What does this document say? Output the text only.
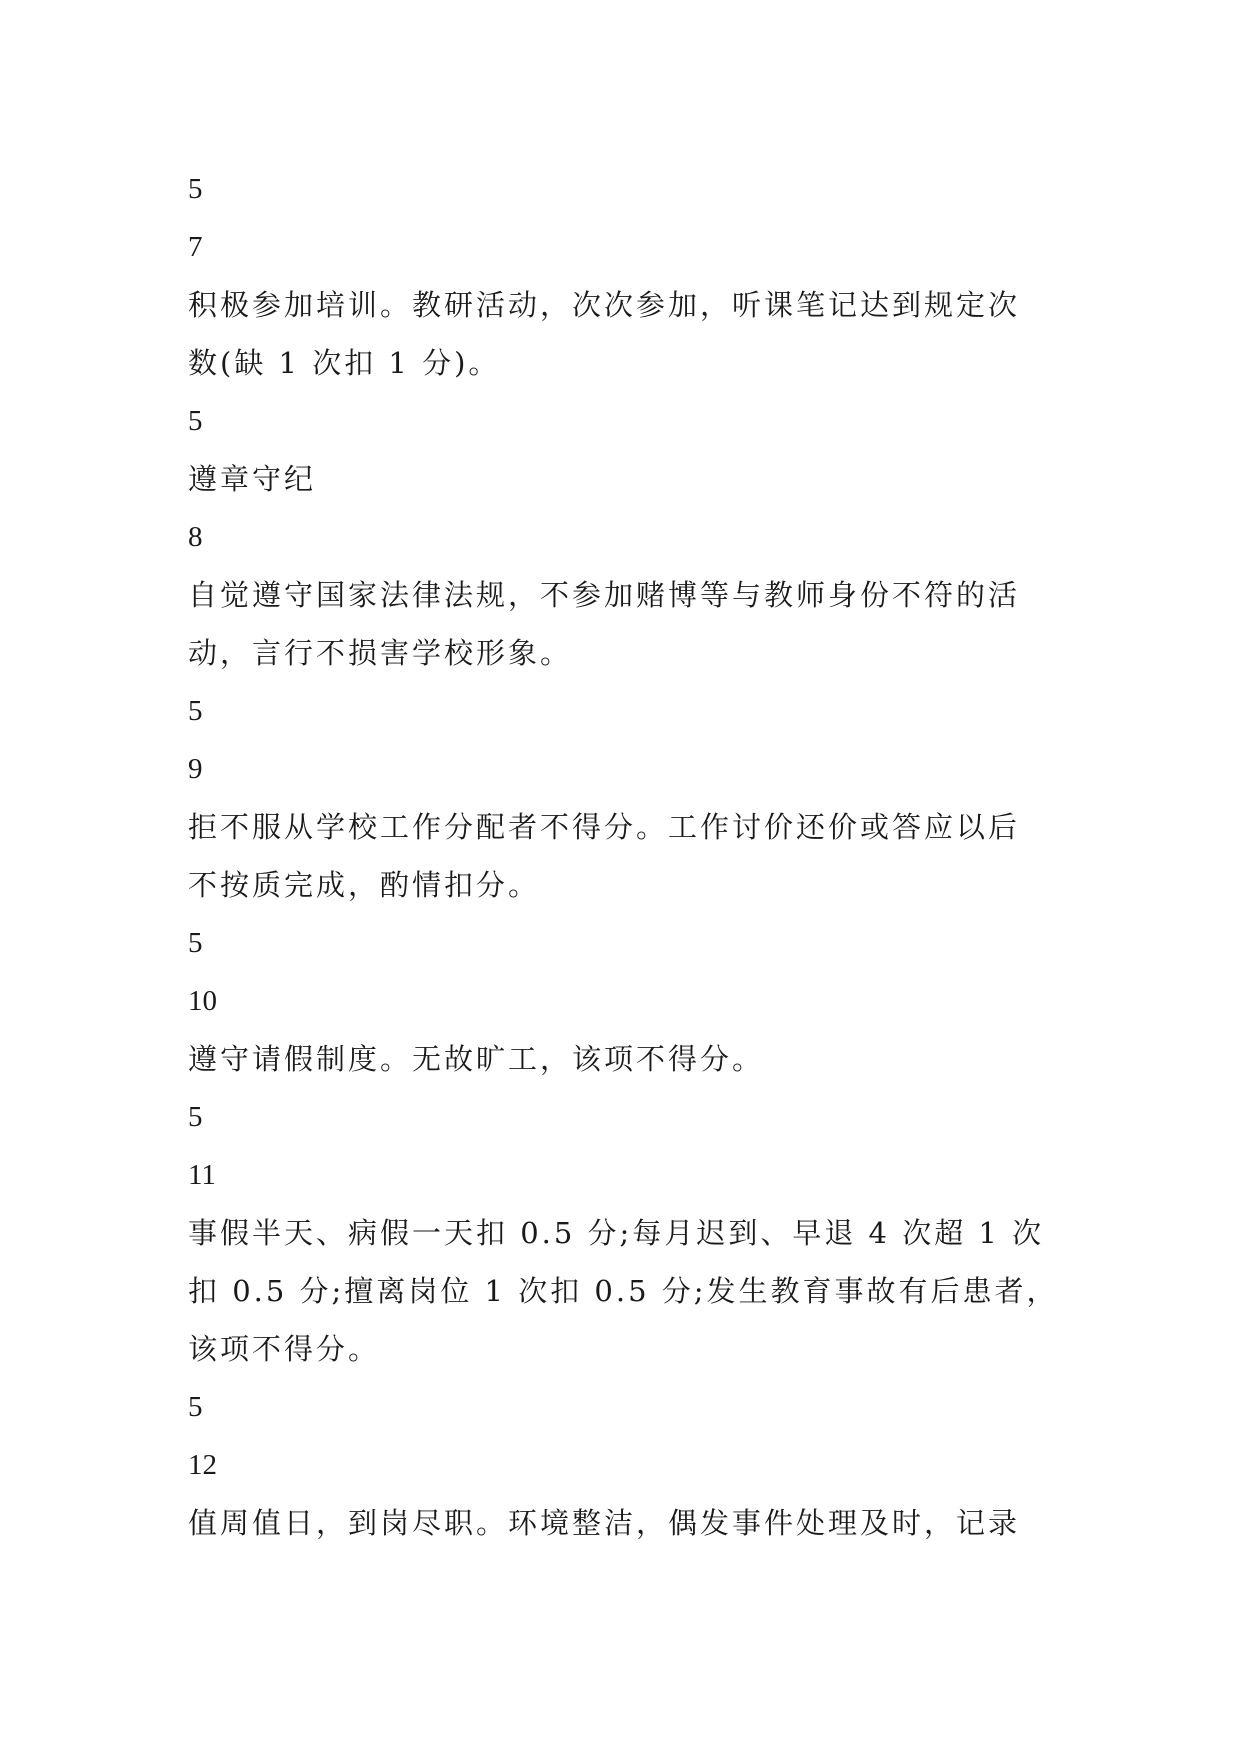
5
7
积极参加培训。教研活动，次次参加，听课笔记达到规定次
数(缺 1 次扣 1 分)。
5
遵章守纪
8
自觉遵守国家法律法规，不参加赌博等与教师身份不符的活
动，言行不损害学校形象。
5
9
拒不服从学校工作分配者不得分。工作讨价还价或答应以后
不按质完成，酌情扣分。
5
10
遵守请假制度。无故旷工，该项不得分。
5
11
事假半天、病假一天扣 0.5 分;每月迟到、早退 4 次超 1 次
扣 0.5 分;擅离岗位 1 次扣 0.5 分;发生教育事故有后患者，
该项不得分。
5
12
值周值日，到岗尽职。环境整洁，偶发事件处理及时，记录
